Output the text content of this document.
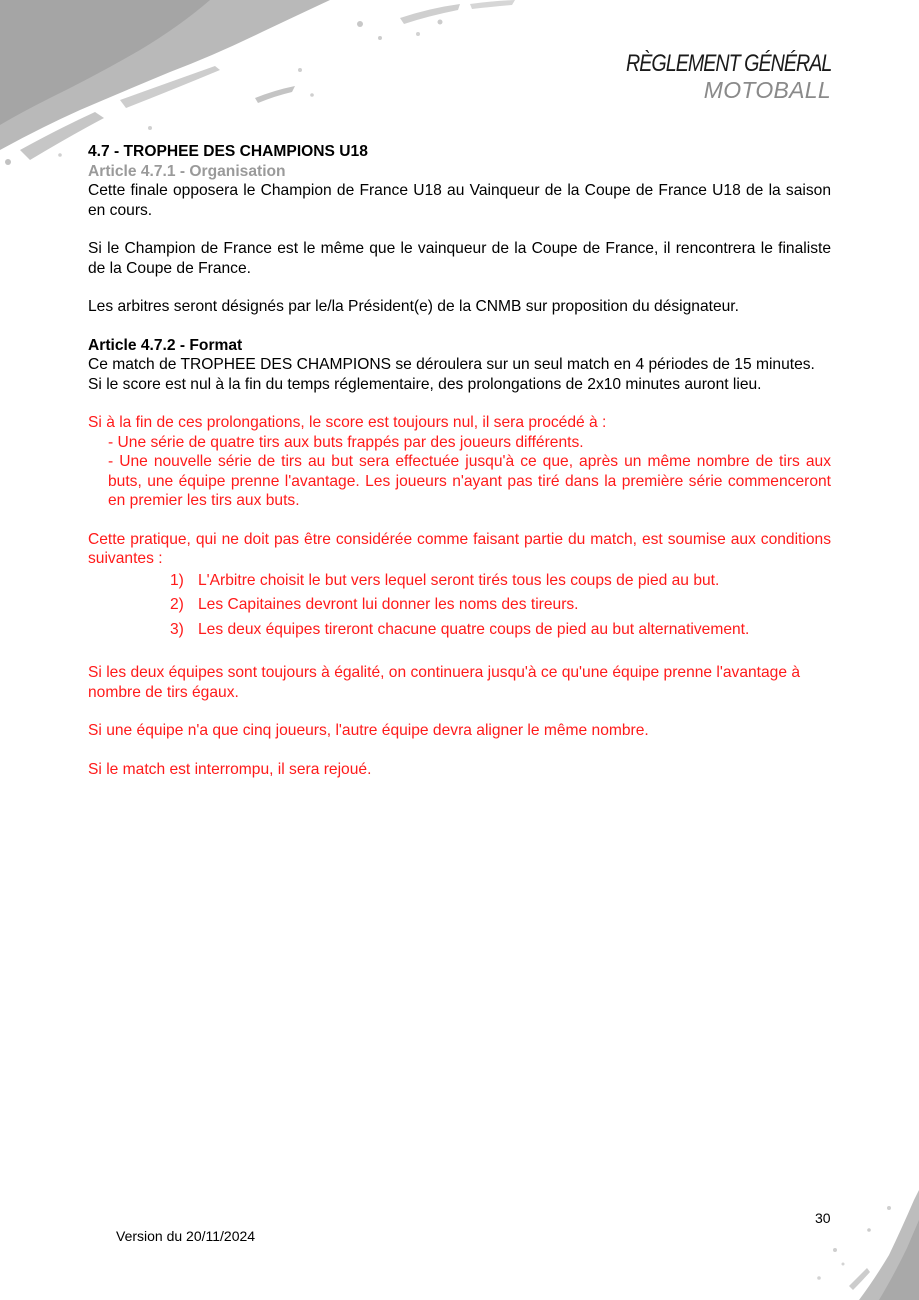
RÈGLEMENT GÉNÉRAL
MOTOBALL

4.7 - TROPHEE DES CHAMPIONS U18

Article 4.7.1 - Organisation

Cette finale opposera le Champion de France U18 au Vainqueur de la Coupe de France U18 de la saison en cours.

Si le Champion de France est le même que le vainqueur de la Coupe de France, il rencontrera le finaliste de la Coupe de France.

Les arbitres seront désignés par le/la Président(e) de la CNMB sur proposition du désignateur.

Article 4.7.2 - Format

Ce match de TROPHEE DES CHAMPIONS se déroulera sur un seul match en 4 périodes de 15 minutes.

Si le score est nul à la fin du temps réglementaire, des prolongations de 2x10 minutes auront lieu.

Si à la fin de ces prolongations, le score est toujours nul, il sera procédé à :

- Une série de quatre tirs aux buts frappés par des joueurs différents.

- Une nouvelle série de tirs au but sera effectuée jusqu'à ce que, après un même nombre de tirs aux buts, une équipe prenne l'avantage. Les joueurs n'ayant pas tiré dans la première série commenceront en premier les tirs aux buts.

Cette pratique, qui ne doit pas être considérée comme faisant partie du match, est soumise aux conditions suivantes :

1) L'Arbitre choisit le but vers lequel seront tirés tous les coups de pied au but.
2) Les Capitaines devront lui donner les noms des tireurs.
3) Les deux équipes tireront chacune quatre coups de pied au but alternativement.

Si les deux équipes sont toujours à égalité, on continuera jusqu'à ce qu'une équipe prenne l'avantage à nombre de tirs égaux.

Si une équipe n'a que cinq joueurs, l'autre équipe devra aligner le même nombre.

Si le match est interrompu, il sera rejoué.

30
Version du 20/11/2024
